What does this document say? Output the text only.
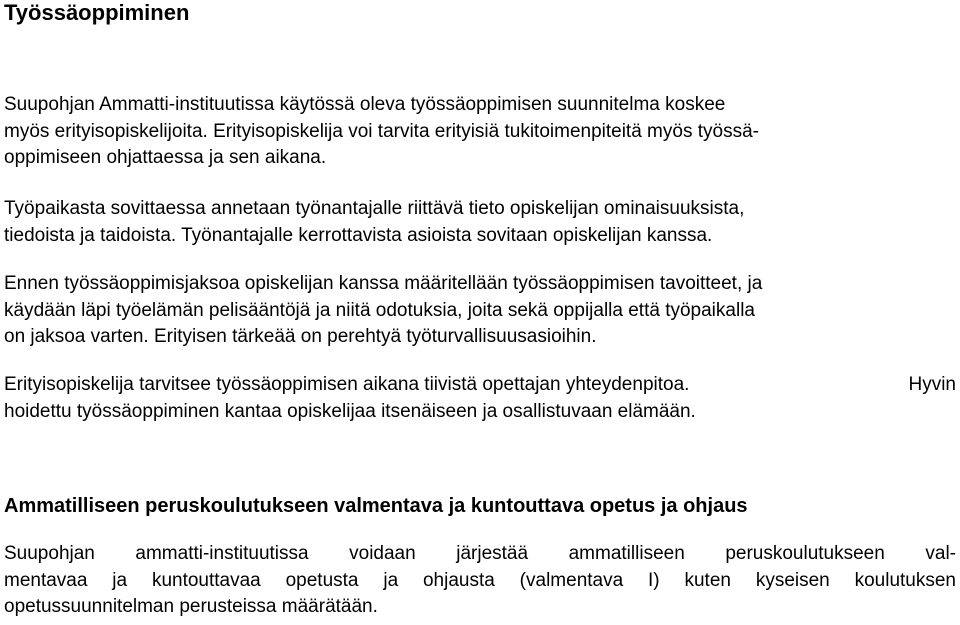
Työssäoppiminen
Suupohjan Ammatti-instituutissa käytössä oleva työssäoppimisen suunnitelma koskee
myös erityisopiskelijoita. Erityisopiskelija voi tarvita erityisiä tukitoimenpiteitä myös työssä-
oppimiseen ohjattaessa ja sen aikana.
Työpaikasta sovittaessa annetaan työnantajalle riittävä tieto opiskelijan ominaisuuksista,
tiedoista ja taidoista. Työnantajalle kerrottavista asioista sovitaan opiskelijan kanssa.
Ennen työssäoppimisjaksoa opiskelijan kanssa määritellään työssäoppimisen tavoitteet, ja
käydään läpi työelämän pelisääntöjä ja niitä odotuksia, joita sekä oppijalla että työpaikalla
on jaksoa varten. Erityisen tärkeää on perehtyä työturvallisuusasioihin.
Erityisopiskelija tarvitsee työssäoppimisen aikana tiivistä opettajan yhteydenpitoa.	Hyvin
hoidettu työssäoppiminen kantaa opiskelijaa itsenäiseen ja osallistuvaan elämään.
Ammatilliseen peruskoulutukseen valmentava ja kuntouttava opetus ja ohjaus
Suupohjan ammatti-instituutissa voidaan järjestää ammatilliseen peruskoulutukseen val-
mentavaa ja kuntouttavaa opetusta ja ohjausta (valmentava I) kuten kyseisen koulutuksen
opetussuunnitelman perusteissa määrätään.
